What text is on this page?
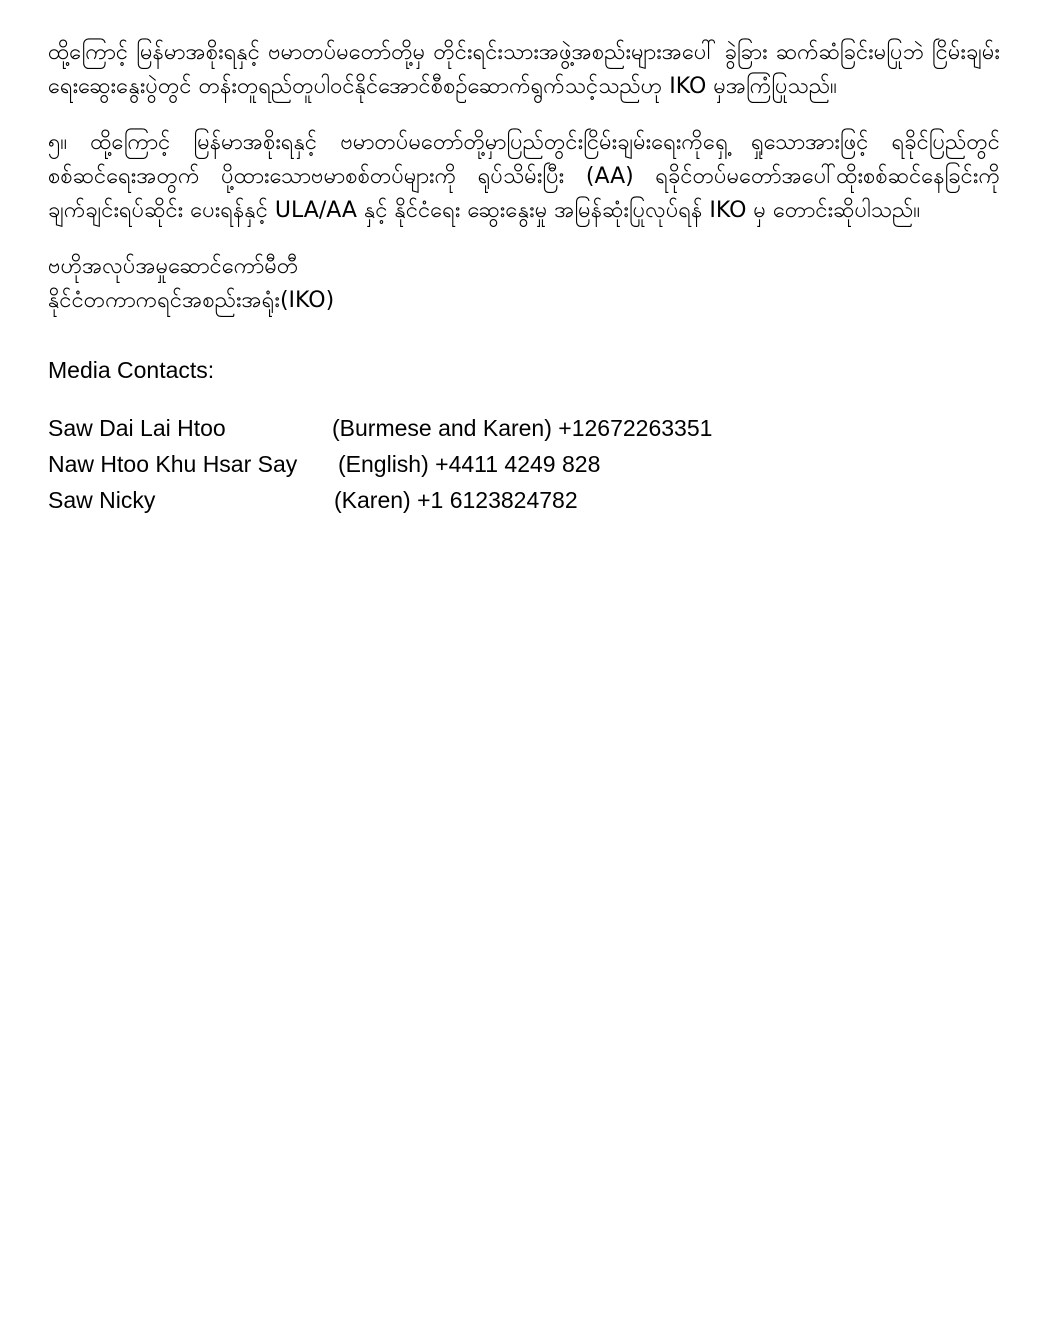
ထို့ကြောင့် မြန်မာအစိုးရနှင့် ဗမာတပ်မတော်တို့မှ တိုင်းရင်းသားအဖွဲ့အစည်းများအပေါ် ခွဲခြား ဆက်ဆံခြင်းမပြုဘဲ ငြိမ်းချမ်းရေးဆွေးနွေးပွဲတွင် တန်းတူရည်တူပါဝင်နိုင်အောင်စီစဉ်ဆောက်ရွက်သင့်သည်ဟု IKO မှအကြံပြုသည်။

၅။ ထို့ကြောင့် မြန်မာအစိုးရနှင့် ဗမာတပ်မတော်တို့မှာပြည်တွင်းငြိမ်းချမ်းရေးကိုရှေ့ ရှုသောအားဖြင့် ရခိုင်ပြည်တွင် စစ်ဆင်ရေးအတွက် ပို့ထားသောဗမာစစ်တပ်များကို ရုပ်သိမ်းပြီး (AA) ရခိုင်တပ်မတော်အပေါ်ထိုးစစ်ဆင်နေခြင်းကို ချက်ချင်းရပ်ဆိုင်း ပေးရန်နှင့် ULA/AA နှင့် နိုင်ငံရေး ဆွေးနွေးမှု အမြန်ဆုံးပြုလုပ်ရန် IKO မှ တောင်းဆိုပါသည်။

ဗဟိုအလုပ်အမှုဆောင်ကော်မီတီ
နိုင်ငံတကာကရင်အစည်းအရုံး(IKO)
Media Contacts:
Saw Dai Lai Htoo	(Burmese and Karen) +12672263351
Naw Htoo Khu Hsar Say (English) +4411 4249 828
Saw Nicky	(Karen) +1 6123824782
